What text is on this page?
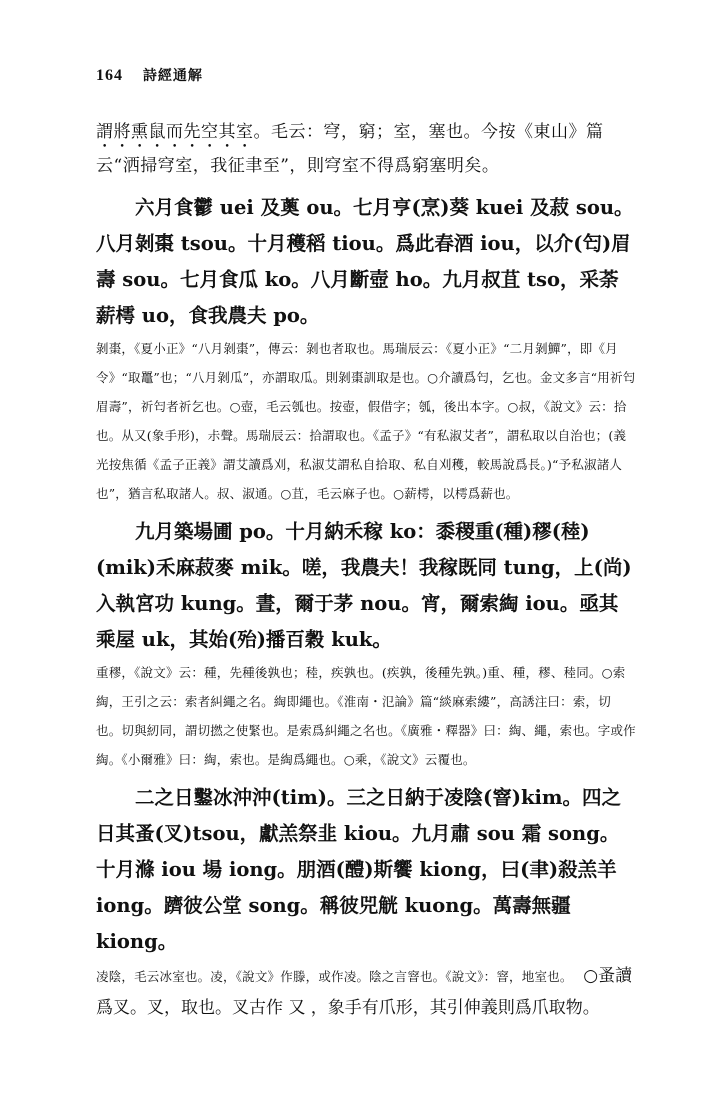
164 詩經通解

謂將熏鼠而先空其室。毛云：穹，窮；室，塞也。今按《東山》篇云“洒掃穹室，我征聿至”，則穹室不得爲窮塞明矣。

六月食鬱 uei 及薁 ou。七月亨(烹)葵 kuei 及菽 sou。八月剝棗 tsou。十月穫稻 tiou。爲此春酒 iou，以介(匄)眉壽 sou。七月食瓜 ko。八月斷壺 ho。九月叔苴 tso，采荼薪樗 uo，食我農夫 po。

剝棗，《夏小正》“八月剝棗”，傳云：剝也者取也。馬瑞辰云：《夏小正》“二月剝鱓”，即《月令》“取鼉”也；“八月剝瓜”，亦謂取瓜。則剝棗訓取是也。○介讀爲匄，乞也。金文多言“用祈匄眉壽”，祈匄者祈乞也。○壺，毛云瓠也。按壺，假借字；瓠，後出本字。○叔，《說文》云：拾也。从又(象手形)，尗聲。馬瑞辰云：拾謂取也。《孟子》“有私淑艾者”，謂私取以自治也；(義光按焦循《孟子正義》謂艾讀爲刈，私淑艾謂私自拾取、私自刈穫，較馬說爲長。)“予私淑諸人也”，猶言私取諸人。叔、淑通。○苴，毛云麻子也。○薪樗，以樗爲薪也。

九月築場圃 po。十月納禾稼 ko：黍稷重(種)穋(稑)(mik)禾麻菽麥 mik。嗟，我農夫！我稼既同 tung，上(尚)入執宮功 kung。晝，爾于茅 nou。宵，爾索綯 iou。亟其乘屋 uk，其始(殆)播百穀 kuk。

重穋，《說文》云：種，先種後孰也；稑，疾孰也。(疾孰，後種先孰。)重、種，穋、稑同。○索綯，王引之云：索者糾繩之名。綯即繩也。《淮南・氾論》篇“緂麻索縷”，高誘注曰：索，切也。切與紉同，謂切撚之使緊也。是索爲糾繩之名也。《廣雅・釋器》曰：綯、繩，索也。字或作綯。《小爾雅》曰：綯，索也。是綯爲繩也。○乘，《說文》云覆也。

二之日鑿冰沖沖(tim)。三之日納于凌陰(窨)kim。四之日其蚤(叉)tsou，獻羔祭韭 kiou。九月肅 sou 霜 song。十月滌 iou 場 iong。朋酒(醴)斯饗 kiong，曰(聿)殺羔羊 iong。躋彼公堂 song。稱彼兕觥 kuong。萬壽無疆 kiong。

凌陰，毛云冰室也。凌，《說文》作滕，或作凌。陰之言窨也。《說文》：窨，地室也。　○蚤讀爲叉。叉，取也。叉古作 又 ，象手有爪形，其引伸義則爲爪取物。
